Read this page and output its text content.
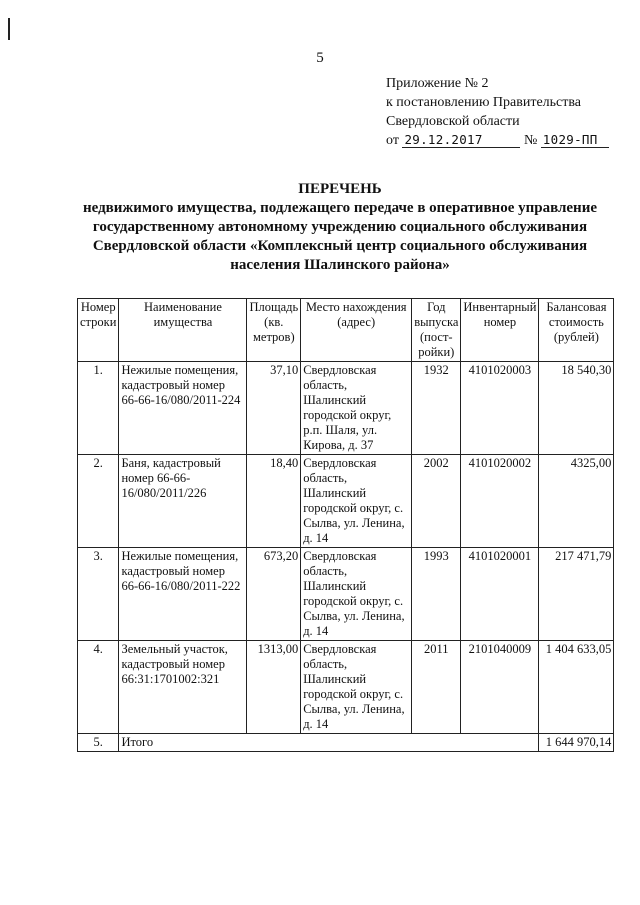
5
Приложение № 2
к постановлению Правительства
Свердловской области
от 29.12.2017	№ 1029-ПП
ПЕРЕЧЕНЬ
недвижимого имущества, подлежащего передаче в оперативное управление государственному автономному учреждению социального обслуживания Свердловской области «Комплексный центр социального обслуживания населения Шалинского района»
Номер строки	Наименование имущества	Площадь (кв. метров)	Место нахождения (адрес)	Год выпуска (пост-ройки)	Инвентарный номер	Балансовая стоимость (рублей)
1.	Нежилые помещения, кадастровый номер 66-66-16/080/2011-224	37,10	Свердловская область, Шалинский городской округ, р.п. Шаля, ул. Кирова, д. 37	1932	4101020003	18 540,30
2.	Баня, кадастровый номер 66-66-16/080/2011/226	18,40	Свердловская область, Шалинский городской округ, с. Сылва, ул. Ленина, д. 14	2002	4101020002	4325,00
3.	Нежилые помещения, кадастровый номер 66-66-16/080/2011-222	673,20	Свердловская область, Шалинский городской округ, с. Сылва, ул. Ленина, д. 14	1993	4101020001	217 471,79
4.	Земельный участок, кадастровый номер 66:31:1701002:321	1313,00	Свердловская область, Шалинский городской округ, с. Сылва, ул. Ленина, д. 14	2011	2101040009	1 404 633,05
5.	Итого					1 644 970,14
